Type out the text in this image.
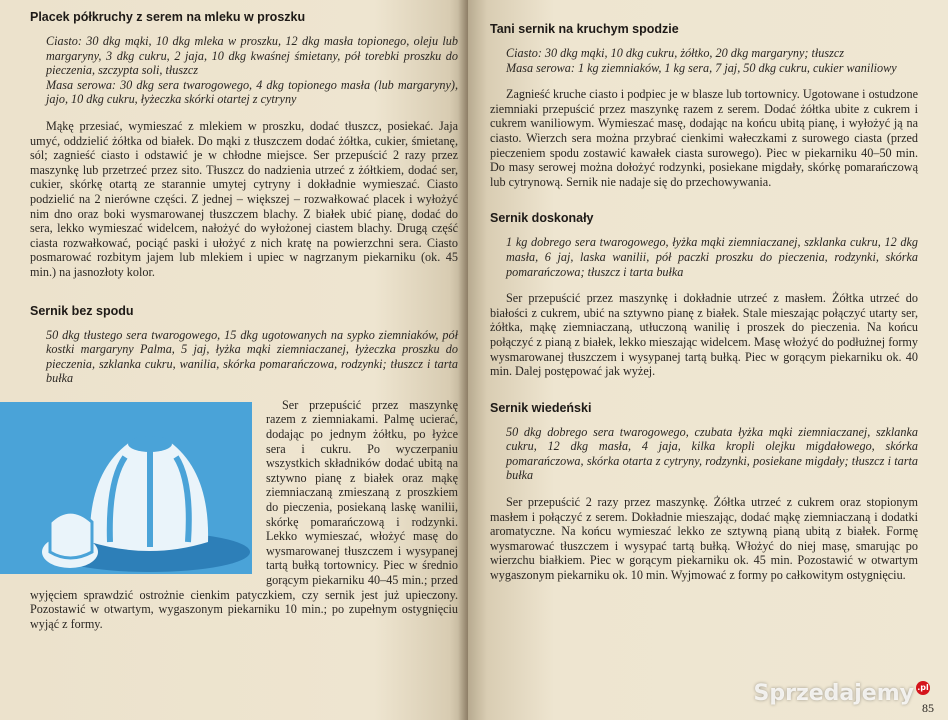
Placek półkruchy z serem na mleku w proszku

Ciasto: 30 dkg mąki, 10 dkg mleka w proszku, 12 dkg masła topionego, oleju lub margaryny, 3 dkg cukru, 2 jaja, 10 dkg kwaśnej śmietany, pół torebki proszku do pieczenia, szczypta soli, tłuszcz

Masa serowa: 30 dkg sera twarogowego, 4 dkg topionego masła (lub margaryny), jajo, 10 dkg cukru, łyżeczka skórki otartej z cytryny

Mąkę przesiać, wymieszać z mlekiem w proszku, dodać tłuszcz, posiekać. Jaja umyć, oddzielić żółtka od białek. Do mąki z tłuszczem dodać żółtka, cukier, śmietanę, sól; zagnieść ciasto i odstawić je w chłodne miejsce. Ser przepuścić 2 razy przez maszynkę lub przetrzeć przez sito. Tłuszcz do nadzienia utrzeć z żółtkiem, dodać ser, cukier, skórkę otartą ze starannie umytej cytryny i dokładnie wymieszać. Ciasto podzielić na 2 nierówne części. Z jednej – większej – rozwałkować placek i wyłożyć nim dno oraz boki wysmarowanej tłuszczem blachy. Z białek ubić pianę, dodać do sera, lekko wymieszać widelcem, nałożyć do wyłożonej ciastem blachy. Drugą część ciasta rozwałkować, pociąć paski i ułożyć z nich kratę na powierzchni sera. Ciasto posmarować rozbitym jajem lub mlekiem i upiec w nagrzanym piekarniku (ok. 45 min.) na jasnozłoty kolor.

Sernik bez spodu

50 dkg tłustego sera twarogowego, 15 dkg ugotowanych na sypko ziemniaków, pół kostki margaryny Palma, 5 jaj, łyżka mąki ziemniaczanej, łyżeczka proszku do pieczenia, szklanka cukru, wanilia, skórka pomarańczowa, rodzynki; tłuszcz i tarta bułka

Ser przepuścić przez maszynkę razem z ziemniakami. Palmę ucierać, dodając po jednym żółtku, po łyżce sera i cukru. Po wyczerpaniu wszystkich składników dodać ubitą na sztywno pianę z białek oraz mąkę ziemniaczaną zmieszaną z proszkiem do pieczenia, posiekaną laskę wanilii, skórkę pomarańczową i rodzynki. Lekko wymieszać, włożyć masę do wysmarowanej tłuszczem i wysypanej tartą bułką tortownicy. Piec w średnio gorącym piekarniku 40–45 min.; przed wyjęciem sprawdzić ostrożnie cienkim patyczkiem, czy sernik jest już upieczony. Pozostawić w otwartym, wygaszonym piekarniku 10 min.; po zupełnym ostygnięciu wyjąć z formy.

Tani sernik na kruchym spodzie

Ciasto: 30 dkg mąki, 10 dkg cukru, żółtko, 20 dkg margaryny; tłuszcz

Masa serowa: 1 kg ziemniaków, 1 kg sera, 7 jaj, 50 dkg cukru, cukier waniliowy

Zagnieść kruche ciasto i podpiec je w blasze lub tortownicy. Ugotowane i ostudzone ziemniaki przepuścić przez maszynkę razem z serem. Dodać żółtka ubite z cukrem i cukrem waniliowym. Wymieszać masę, dodając na końcu ubitą pianę, i wyłożyć ją na ciasto. Wierzch sera można przybrać cienkimi wałeczkami z surowego ciasta (przed pieczeniem spodu zostawić kawałek ciasta surowego). Piec w piekarniku 40–50 min. Do masy serowej można dołożyć rodzynki, posiekane migdały, skórkę pomarańczową lub cytrynową. Sernik nie nadaje się do przechowywania.

Sernik doskonały

1 kg dobrego sera twarogowego, łyżka mąki ziemniaczanej, szklanka cukru, 12 dkg masła, 6 jaj, laska wanilii, pół paczki proszku do pieczenia, rodzynki, skórka pomarańczowa; tłuszcz i tarta bułka

Ser przepuścić przez maszynkę i dokładnie utrzeć z masłem. Żółtka utrzeć do białości z cukrem, ubić na sztywno pianę z białek. Stale mieszając połączyć utarty ser, żółtka, mąkę ziemniaczaną, utłuczoną wanilię i proszek do pieczenia. Na końcu połączyć z pianą z białek, lekko mieszając widelcem. Masę włożyć do podłużnej formy wysmarowanej tłuszczem i wysypanej tartą bułką. Piec w gorącym piekarniku ok. 40 min. Dalej postępować jak wyżej.

Sernik wiedeński

50 dkg dobrego sera twarogowego, czubata łyżka mąki ziemniaczanej, szklanka cukru, 12 dkg masła, 4 jaja, kilka kropli olejku migdałowego, skórka pomarańczowa, skórka otarta z cytryny, rodzynki, posiekane migdały; tłuszcz i tarta bułka

Ser przepuścić 2 razy przez maszynkę. Żółtka utrzeć z cukrem oraz stopionym masłem i połączyć z serem. Dokładnie mieszając, dodać mąkę ziemniaczaną i dodatki aromatyczne. Na końcu wymieszać lekko ze sztywną pianą ubitą z białek. Formę wysmarować tłuszczem i wysypać tartą bułką. Włożyć do niej masę, smarując po wierzchu białkiem. Piec w gorącym piekarniku ok. 45 min. Pozostawić w otwartym wygaszonym piekarniku ok. 10 min. Wyjmować z formy po całkowitym ostygnięciu.

85
Sprzedajemy .pl
